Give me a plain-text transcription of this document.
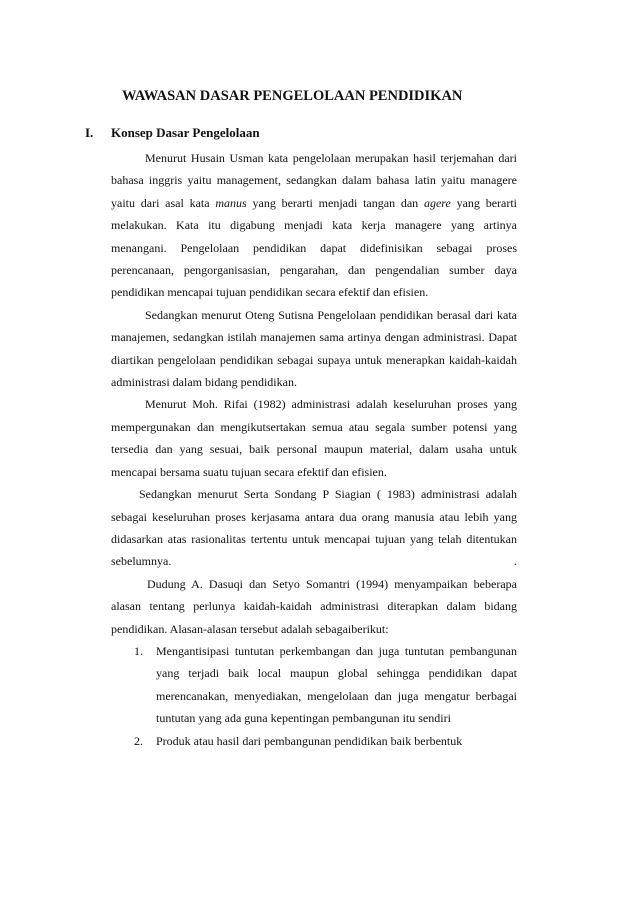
WAWASAN DASAR PENGELOLAAN PENDIDIKAN
I. Konsep Dasar Pengelolaan

Menurut Husain Usman kata pengelolaan merupakan hasil terjemahan dari bahasa inggris yaitu management, sedangkan dalam bahasa latin yaitu managere yaitu dari asal kata manus yang berarti menjadi tangan dan agere yang berarti melakukan. Kata itu digabung menjadi kata kerja managere yang artinya menangani. Pengelolaan pendidikan dapat didefinisikan sebagai proses perencanaan, pengorganisasian, pengarahan, dan pengendalian sumber daya pendidikan mencapai tujuan pendidikan secara efektif dan efisien.

Sedangkan menurut Oteng Sutisna Pengelolaan pendidikan berasal dari kata manajemen, sedangkan istilah manajemen sama artinya dengan administrasi. Dapat diartikan pengelolaan pendidikan sebagai supaya untuk menerapkan kaidah-kaidah administrasi dalam bidang pendidikan.

Menurut Moh. Rifai (1982) administrasi adalah keseluruhan proses yang mempergunakan dan mengikutsertakan semua atau segala sumber potensi yang tersedia dan yang sesuai, baik personal maupun material, dalam usaha untuk mencapai bersama suatu tujuan secara efektif dan efisien.

Sedangkan menurut Serta Sondang P Siagian ( 1983) administrasi adalah sebagai keseluruhan proses kerjasama antara dua orang manusia atau lebih yang didasarkan atas rasionalitas tertentu untuk mencapai tujuan yang telah ditentukan sebelumnya.	.

Dudung A. Dasuqi dan Setyo Somantri (1994) menyampaikan beberapa alasan tentang perlunya kaidah-kaidah administrasi diterapkan dalam bidang pendidikan. Alasan-alasan tersebut adalah sebagaiberikut:

1. Mengantisipasi tuntutan perkembangan dan juga tuntutan pembangunan yang terjadi baik local maupun global sehingga pendidikan dapat merencanakan, menyediakan, mengelolaan dan juga mengatur berbagai tuntutan yang ada guna kepentingan pembangunan itu sendiri
2. Produk atau hasil dari pembangunan pendidikan baik berbentuk
